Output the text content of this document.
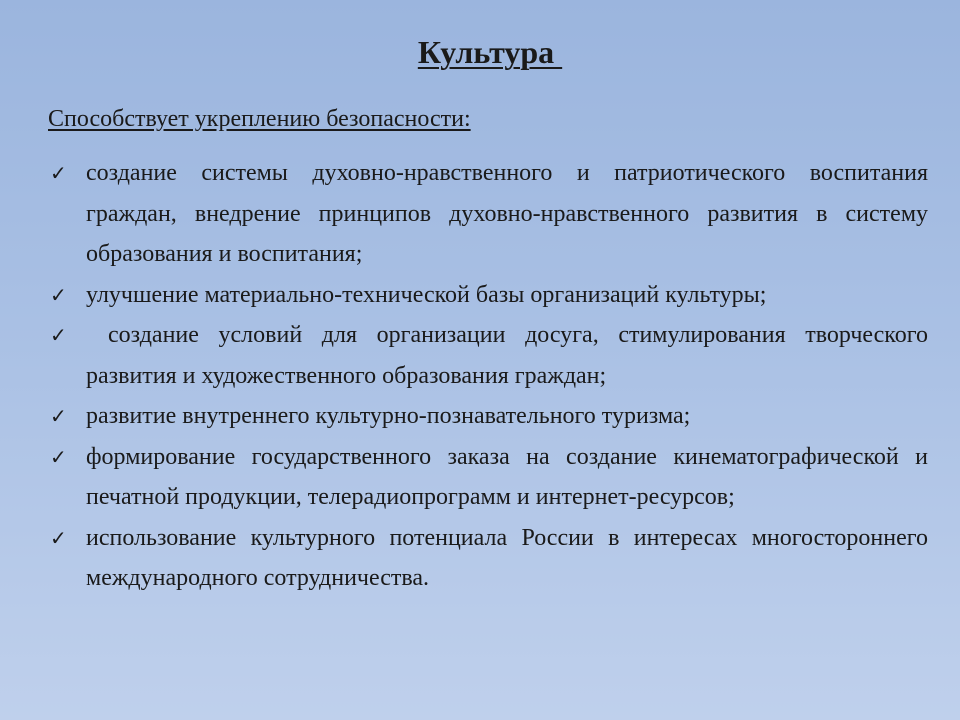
Культура
Способствует укреплению безопасности:
✓ создание системы духовно-нравственного и патриотического воспитания граждан, внедрение принципов духовно-нравственного развития в систему образования и воспитания;
✓ улучшение материально-технической базы организаций культуры;
✓ создание условий для организации досуга, стимулирования творческого развития и художественного образования граждан;
✓ развитие внутреннего культурно-познавательного туризма;
✓ формирование государственного заказа на создание кинематографической и печатной продукции, телерадиопрограмм и интернет-ресурсов;
✓ использование культурного потенциала России в интересах многостороннего международного сотрудничества.
